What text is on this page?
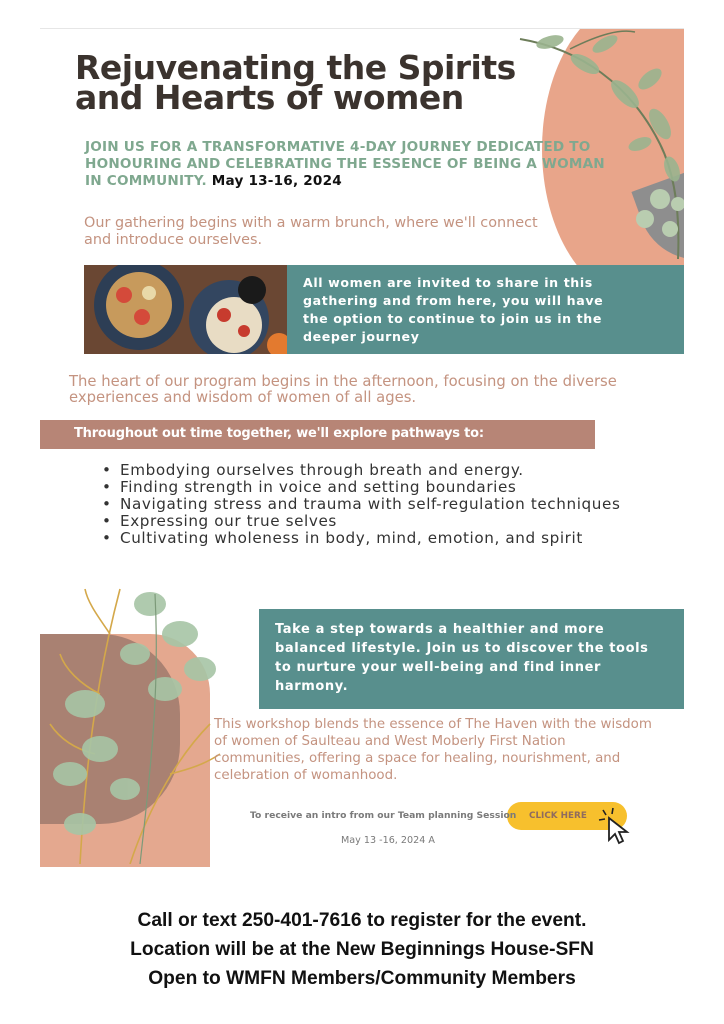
Rejuvenating the Spirits
and Hearts of women
JOIN US FOR A TRANSFORMATIVE 4-DAY JOURNEY DEDICATED TO HONOURING AND CELEBRATING THE ESSENCE OF BEING A WOMAN IN COMMUNITY. May 13-16, 2024
Our gathering begins with a warm brunch, where we'll connect and introduce ourselves.

All women are invited to share in this gathering and from here, you will have the option to continue to join us in the deeper journey

The heart of our program begins in the afternoon, focusing on the diverse experiences and wisdom of women of all ages.

Throughout out time together, we'll explore pathways to:

• Embodying ourselves through breath and energy.
• Finding strength in voice and setting boundaries
• Navigating stress and trauma with self-regulation techniques
• Expressing our true selves
• Cultivating wholeness in body, mind, emotion, and spirit

Take a step towards a healthier and more balanced lifestyle. Join us to discover the tools to nurture your well-being and find inner harmony.

This workshop blends the essence of The Haven with the wisdom of women of Saulteau and West Moberly First Nation communities, offering a space for healing, nourishment, and celebration of womanhood.
CLICK HERE
To receive an intro from our Team planning Session
May 13 -16, 2024 A
Call or text 250-401-7616 to register for the event.
Location will be at the New Beginnings House-SFN
Open to WMFN Members/Community Members
